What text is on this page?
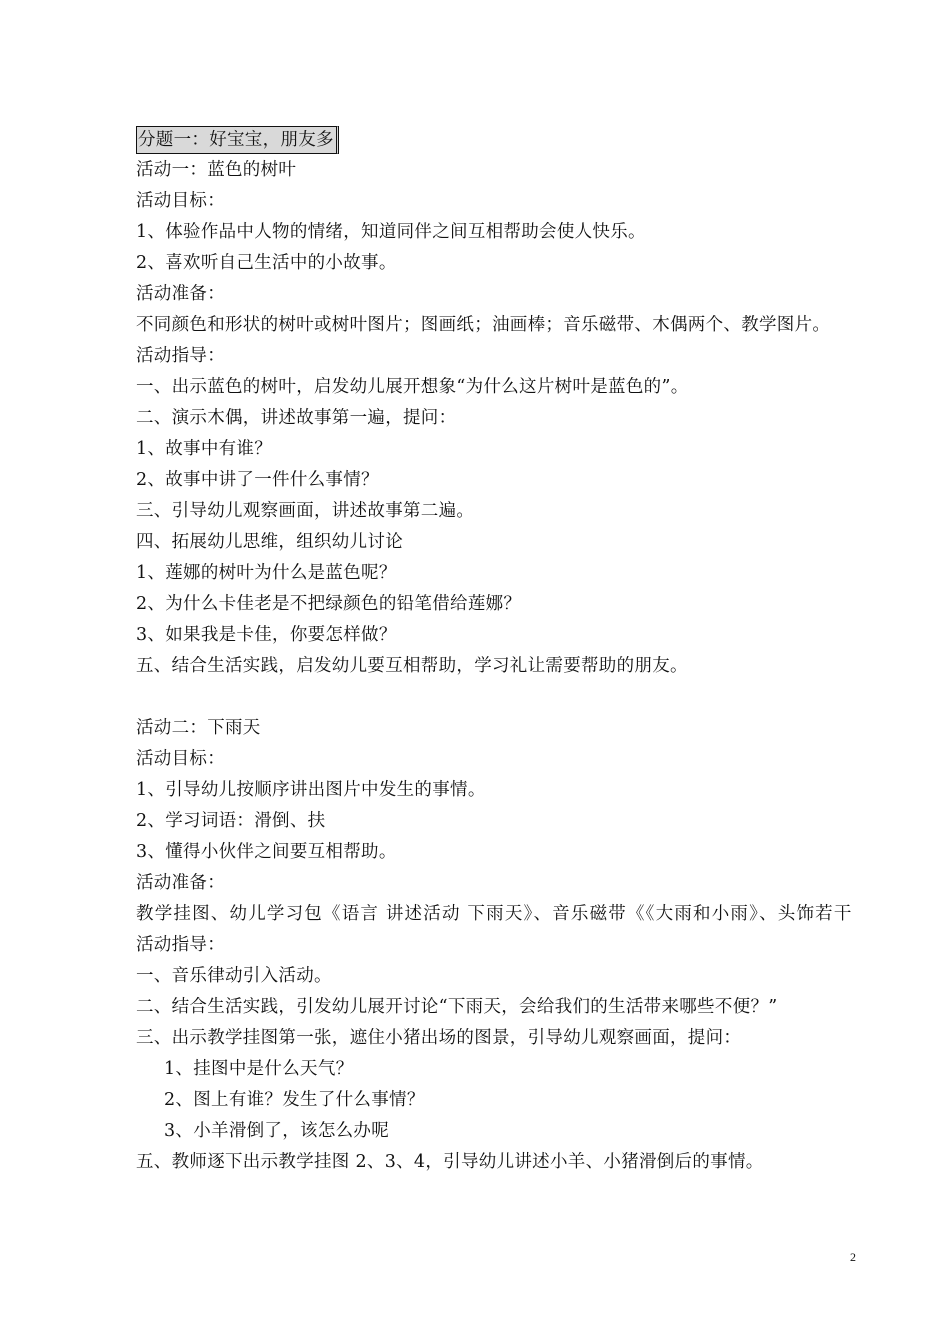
分题一：好宝宝，朋友多
活动一：蓝色的树叶
活动目标：
1、体验作品中人物的情绪，知道同伴之间互相帮助会使人快乐。
2、喜欢听自己生活中的小故事。
活动准备：
不同颜色和形状的树叶或树叶图片；图画纸；油画棒；音乐磁带、木偶两个、教学图片。
活动指导：
一、出示蓝色的树叶，启发幼儿展开想象“为什么这片树叶是蓝色的”。
二、演示木偶，讲述故事第一遍，提问：
1、故事中有谁？
2、故事中讲了一件什么事情？
三、引导幼儿观察画面，讲述故事第二遍。
四、拓展幼儿思维，组织幼儿讨论
1、莲娜的树叶为什么是蓝色呢？
2、为什么卡佳老是不把绿颜色的铅笔借给莲娜？
3、如果我是卡佳，你要怎样做？
五、结合生活实践，启发幼儿要互相帮助，学习礼让需要帮助的朋友。
活动二：下雨天
活动目标：
1、引导幼儿按顺序讲出图片中发生的事情。
2、学习词语：滑倒、扶
3、懂得小伙伴之间要互相帮助。
活动准备：
教学挂图、幼儿学习包《语言 讲述活动 下雨天》、音乐磁带《《大雨和小雨》、头饰若干
活动指导：
一、音乐律动引入活动。
二、结合生活实践，引发幼儿展开讨论“下雨天，会给我们的生活带来哪些不便？”
三、出示教学挂图第一张，遮住小猪出场的图景，引导幼儿观察画面，提问：
1、挂图中是什么天气？
2、图上有谁？发生了什么事情？
3、小羊滑倒了，该怎么办呢
五、教师逐下出示教学挂图 2、3、4，引导幼儿讲述小羊、小猪滑倒后的事情。
2
